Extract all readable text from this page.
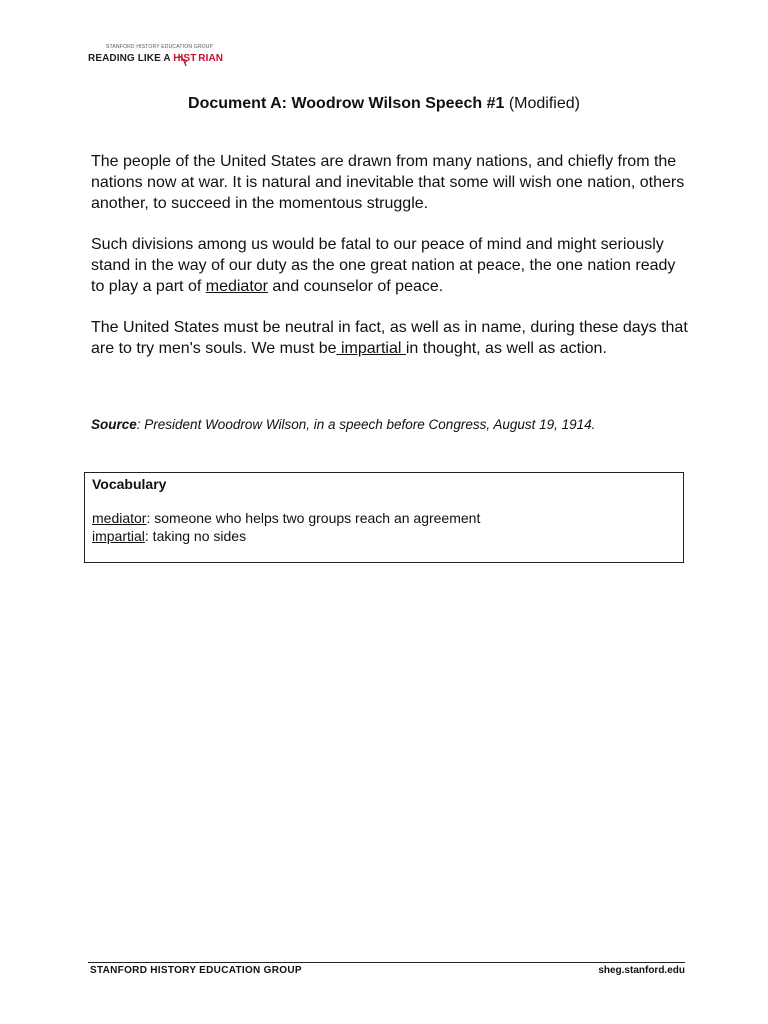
STANFORD HISTORY EDUCATION GROUP
READING LIKE A HIST   RIAN
Document A: Woodrow Wilson Speech #1 (Modified)

The people of the United States are drawn from many nations, and chiefly from the nations now at war. It is natural and inevitable that some will wish one nation, others another, to succeed in the momentous struggle.

Such divisions among us would be fatal to our peace of mind and might seriously stand in the way of our duty as the one great nation at peace, the one nation ready to play a part of mediator and counselor of peace.

The United States must be neutral in fact, as well as in name, during these days that are to try men's souls. We must be impartial in thought, as well as action.

Source: President Woodrow Wilson, in a speech before Congress, August 19, 1914.
Vocabulary
mediator: someone who helps two groups reach an agreement
impartial: taking no sides
STANFORD HISTORY EDUCATION GROUP	sheg.stanford.edu
